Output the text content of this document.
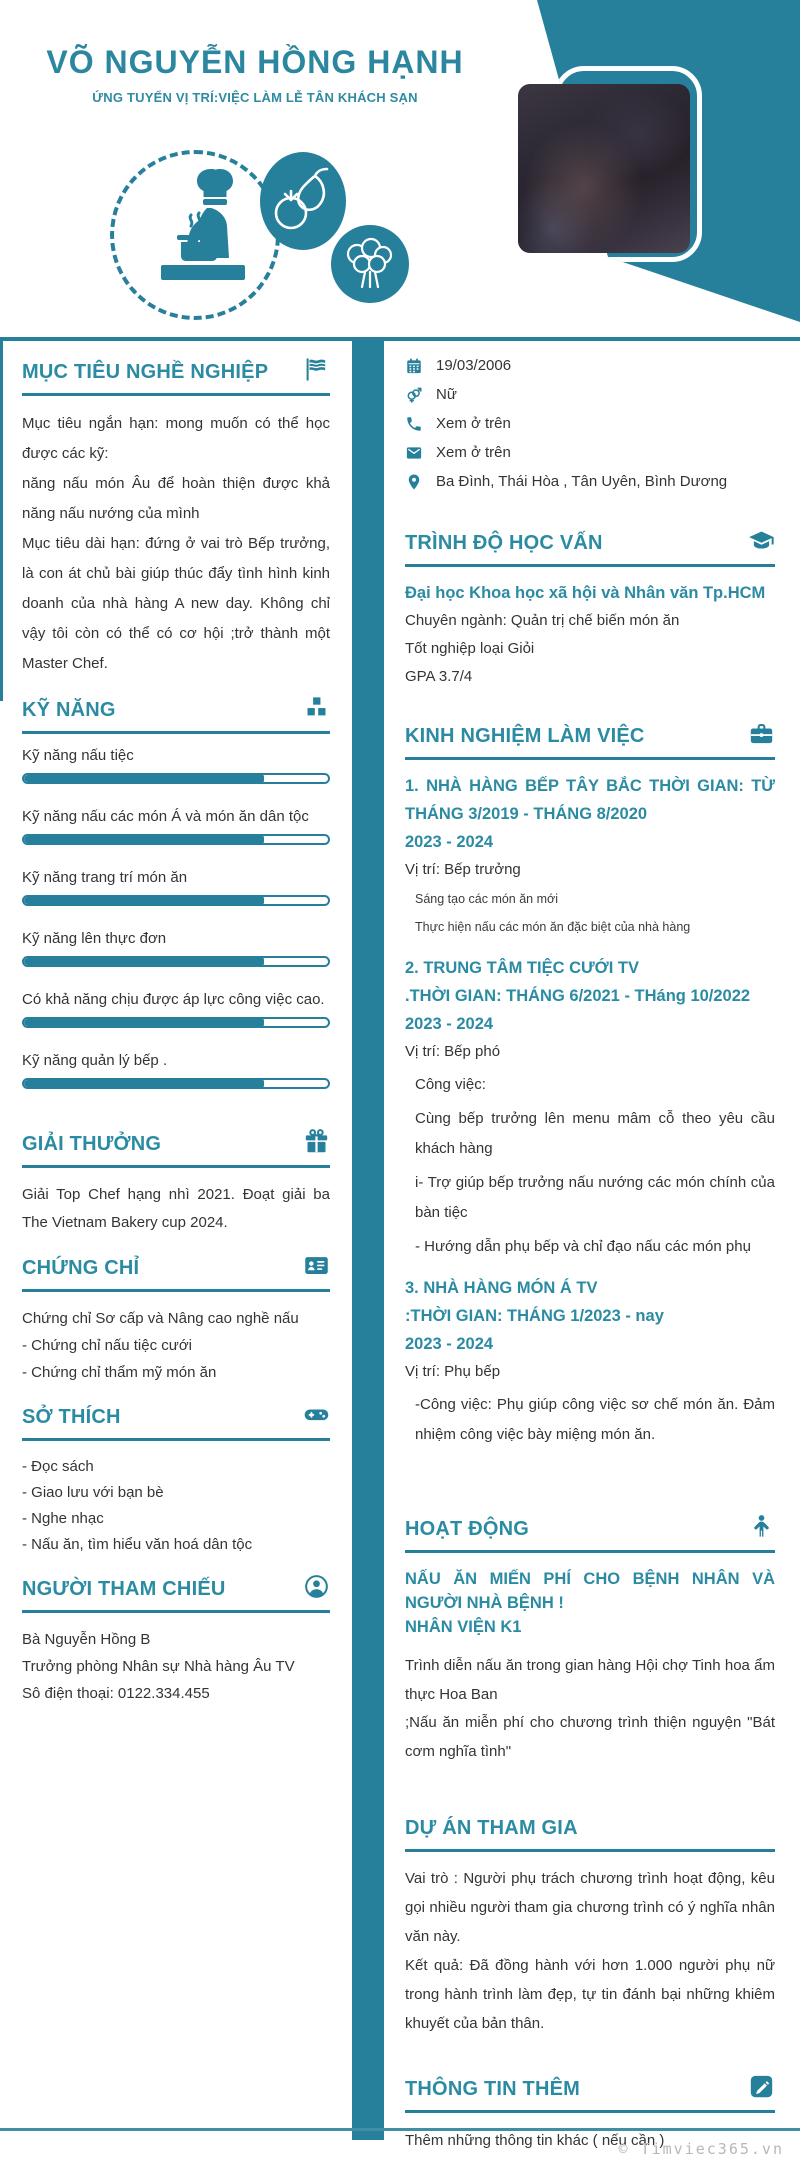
VÕ NGUYỄN HỒNG HẠNH
ỨNG TUYỂN VỊ TRÍ:VIỆC LÀM LỄ TÂN KHÁCH SẠN
MỤC TIÊU NGHỀ NGHIỆP

Mục tiêu ngắn hạn: mong muốn có thể học được các kỹ:

năng nấu món Âu để hoàn thiện được khả năng nấu nướng của mình

Mục tiêu dài hạn: đứng ở vai trò Bếp trưởng, là con át chủ bài giúp thúc đẩy tình hình kinh doanh của nhà hàng A new day. Không chỉ vậy tôi còn có thể có cơ hội ;trở thành một Master Chef.

KỸ NĂNG
Kỹ năng nấu tiệc
Kỹ năng nấu các món Á và món ăn dân tộc
Kỹ năng trang trí món ăn
Kỹ năng lên thực đơn
Có khả năng chịu được áp lực công việc cao.
Kỹ năng quản lý bếp .
GIẢI THƯỞNG

Giải Top Chef hạng nhì 2021. Đoạt giải ba The Vietnam Bakery cup 2024.

CHỨNG CHỈ
Chứng chỉ Sơ cấp và Nâng cao nghề nấu
- Chứng chỉ nấu tiệc cưới
- Chứng chỉ thẩm mỹ món ăn
SỞ THÍCH
- Đọc sách
- Giao lưu với bạn bè
- Nghe nhạc
- Nấu ăn, tìm hiểu văn hoá dân tộc
NGƯỜI THAM CHIẾU
Bà Nguyễn Hồng B
Trưởng phòng Nhân sự Nhà hàng Âu TV
Sô điện thoại: 0122.334.455
19/03/2006
Nữ
Xem ở trên
Xem ở trên
Ba Đình, Thái Hòa , Tân Uyên, Bình Dương
TRÌNH ĐỘ HỌC VẤN
Đại học Khoa học xã hội và Nhân văn Tp.HCM
Chuyên ngành: Quản trị chế biến món ăn
Tốt nghiệp loại Giỏi
GPA 3.7/4
KINH NGHIỆM LÀM VIỆC
1. NHÀ HÀNG BẾP TÂY BẮC THỜI GIAN: TỪ THÁNG 3/2019 - THÁNG 8/2020
2023 - 2024
Vị trí: Bếp trưởng
Sáng tạo các món ăn mới
Thực hiện nấu các món ăn đặc biệt của nhà hàng
2. TRUNG TÂM TIỆC CƯỚI TV
.THỜI GIAN: THÁNG 6/2021 - THáng 10/2022
2023 - 2024
Vị trí: Bếp phó

Công việc:

Cùng bếp trưởng lên menu mâm cỗ theo yêu cầu khách hàng

i- Trợ giúp bếp trưởng nấu nướng các món chính của bàn tiệc

- Hướng dẫn phụ bếp và chỉ đạo nấu các món phụ

3. NHÀ HÀNG MÓN Á TV
:THỜI GIAN: THÁNG 1/2023 - nay
2023 - 2024
Vị trí: Phụ bếp

-Công việc: Phụ giúp công việc sơ chế món ăn. Đảm nhiệm công việc bày miệng món ăn.

HOẠT ĐỘNG
NẤU ĂN MIẾN PHÍ CHO BỆNH NHÂN VÀ NGƯỜI NHÀ BỆNH !
NHÂN VIỆN K1

Trình diễn nấu ăn trong gian hàng Hội chợ Tinh hoa ẩm thực Hoa Ban

;Nấu ăn miễn phí cho chương trình thiện nguyện "Bát cơm nghĩa tình"

DỰ ÁN THAM GIA

Vai trò : Người phụ trách chương trình hoạt động, kêu gọi nhiều người tham gia chương trình có ý nghĩa nhân văn này.

Kết quả: Đã đồng hành với hơn 1.000 người phụ nữ trong hành trình làm đẹp, tự tin đánh bại những khiêm khuyết của bản thân.

THÔNG TIN THÊM
Thêm những thông tin khác ( nếu cần )
© Timviec365.vn
